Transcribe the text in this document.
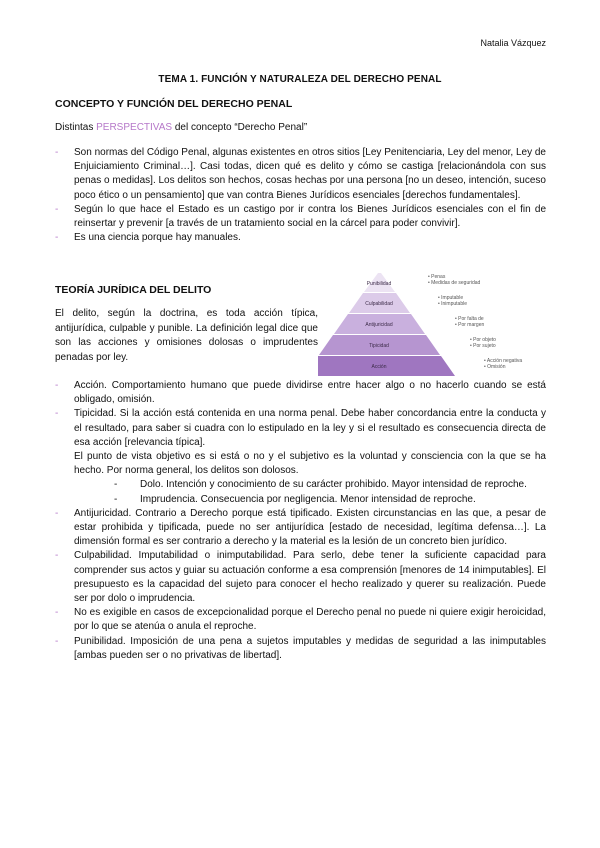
Natalia Vázquez
TEMA 1. FUNCIÓN Y NATURALEZA DEL DERECHO PENAL
CONCEPTO Y FUNCIÓN DEL DERECHO PENAL
Distintas PERSPECTIVAS del concepto “Derecho Penal”
- Son normas del Código Penal, algunas existentes en otros sitios [Ley Penitenciaria, Ley del menor, Ley de Enjuiciamiento Criminal…]. Casi todas, dicen qué es delito y cómo se castiga [relacionándola con sus penas o medidas]. Los delitos son hechos, cosas hechas por una persona [no un deseo, intención, suceso poco ético o un pensamiento] que van contra Bienes Jurídicos esenciales [derechos fundamentales].
- Según lo que hace el Estado es un castigo por ir contra los Bienes Jurídicos esenciales con el fin de reinsertar y prevenir [a través de un tratamiento social en la cárcel para poder convivir].
- Es una ciencia porque hay manuales.
TEORÍA JURÍDICA DEL DELITO
El delito, según la doctrina, es toda acción típica, antijurídica, culpable y punible. La definición legal dice que son las acciones y omisiones dolosas o imprudentes penadas por ley.
Punibilidad
Culpabilidad
Antijuricidad
Tipicidad
Acción
• Penas
• Medidas de seguridad
• Imputable
• Inimputable
• Por falta de
• Por margen
• Por objeto
• Por sujeto
• Acción negativa
• Omisión
- Acción. Comportamiento humano que puede dividirse entre hacer algo o no hacerlo cuando se está obligado, omisión.
- Tipicidad. Si la acción está contenida en una norma penal. Debe haber concordancia entre la conducta y el resultado, para saber si cuadra con lo estipulado en la ley y si el resultado es consecuencia directa de esa acción [relevancia típica].
El punto de vista objetivo es si está o no y el subjetivo es la voluntad y consciencia con la que se ha hecho. Por norma general, los delitos son dolosos.
- Dolo. Intención y conocimiento de su carácter prohibido. Mayor intensidad de reproche.
- Imprudencia. Consecuencia por negligencia. Menor intensidad de reproche.
- Antijuricidad. Contrario a Derecho porque está tipificado. Existen circunstancias en las que, a pesar de estar prohibida y tipificada, puede no ser antijurídica [estado de necesidad, legítima defensa…]. La dimensión formal es ser contrario a derecho y la material es la lesión de un concreto bien jurídico.
- Culpabilidad. Imputabilidad o inimputabilidad. Para serlo, debe tener la suficiente capacidad para comprender sus actos y guiar su actuación conforme a esa comprensión [menores de 14 inimputables]. El presupuesto es la capacidad del sujeto para conocer el hecho realizado y querer su realización. Puede ser por dolo o imprudencia.
- No es exigible en casos de excepcionalidad porque el Derecho penal no puede ni quiere exigir heroicidad, por lo que se atenúa o anula el reproche.
- Punibilidad. Imposición de una pena a sujetos imputables y medidas de seguridad a las inimputables [ambas pueden ser o no privativas de libertad].
